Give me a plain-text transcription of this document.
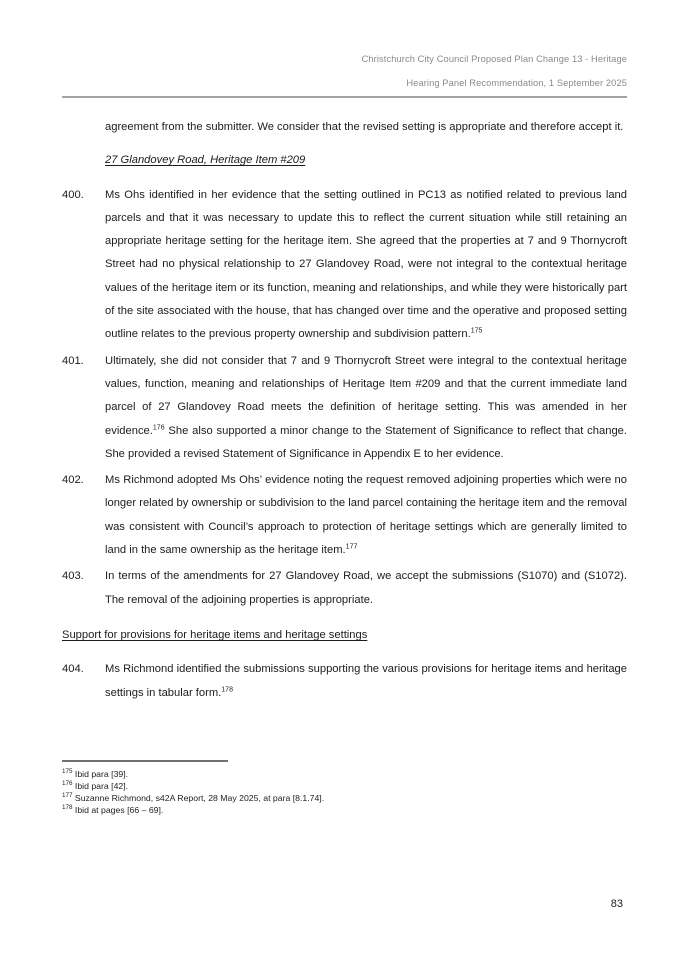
Christchurch City Council Proposed Plan Change 13 - Heritage
Hearing Panel Recommendation, 1 September 2025
agreement from the submitter. We consider that the revised setting is appropriate and therefore accept it.
27 Glandovey Road, Heritage Item #209
400. Ms Ohs identified in her evidence that the setting outlined in PC13 as notified related to previous land parcels and that it was necessary to update this to reflect the current situation while still retaining an appropriate heritage setting for the heritage item. She agreed that the properties at 7 and 9 Thornycroft Street had no physical relationship to 27 Glandovey Road, were not integral to the contextual heritage values of the heritage item or its function, meaning and relationships, and while they were historically part of the site associated with the house, that has changed over time and the operative and proposed setting outline relates to the previous property ownership and subdivision pattern.$^{175}$
401. Ultimately, she did not consider that 7 and 9 Thornycroft Street were integral to the contextual heritage values, function, meaning and relationships of Heritage Item #209 and that the current immediate land parcel of 27 Glandovey Road meets the definition of heritage setting. This was amended in her evidence.$^{176}$ She also supported a minor change to the Statement of Significance to reflect that change. She provided a revised Statement of Significance in Appendix E to her evidence.
402. Ms Richmond adopted Ms Ohs’ evidence noting the request removed adjoining properties which were no longer related by ownership or subdivision to the land parcel containing the heritage item and the removal was consistent with Council’s approach to protection of heritage settings which are generally limited to land in the same ownership as the heritage item.$^{177}$
403. In terms of the amendments for 27 Glandovey Road, we accept the submissions (S1070) and (S1072). The removal of the adjoining properties is appropriate.
Support for provisions for heritage items and heritage settings
404. Ms Richmond identified the submissions supporting the various provisions for heritage items and heritage settings in tabular form.$^{178}$
$^{175}$ Ibid para [39].
$^{176}$ Ibid para [42].
$^{177}$ Suzanne Richmond, s42A Report, 28 May 2025, at para [8.1.74].
$^{178}$ Ibid at pages [66 – 69].
83
